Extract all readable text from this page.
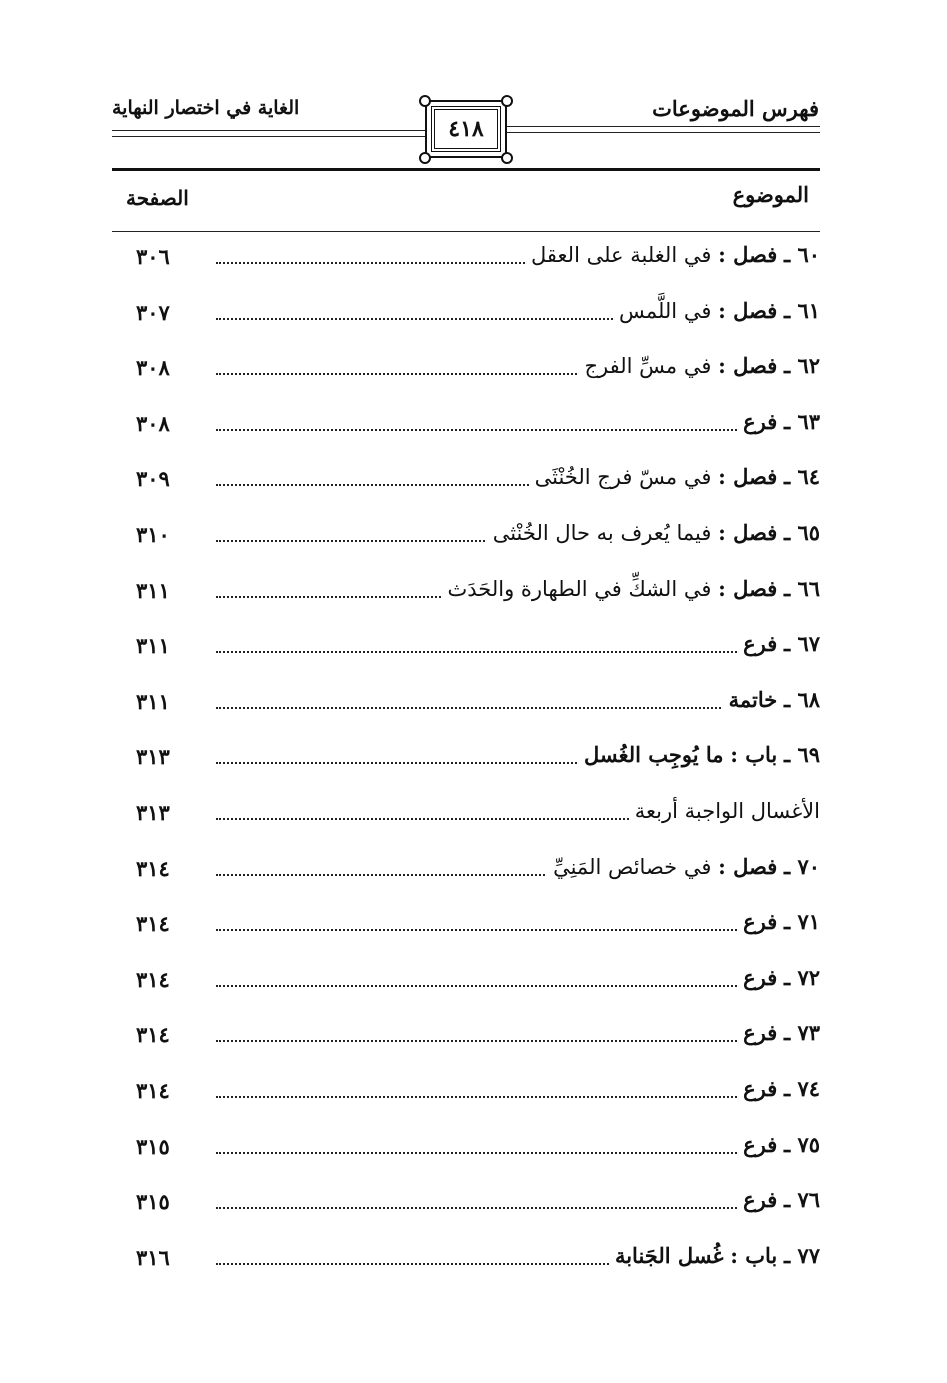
فهرس الموضوعات
الغاية في اختصار النهاية
٤١٨
الموضوع
الصفحة
٦٠ ـ فصل : في الغلبة على العقل
٣٠٦
٦١ ـ فصل : في اللَّمس
٣٠٧
٦٢ ـ فصل : في مسِّ الفرج
٣٠٨
٦٣ ـ فرع
٣٠٨
٦٤ ـ فصل : في مسّ فرج الخُنْثَى
٣٠٩
٦٥ ـ فصل : فيما يُعرف به حال الخُنْثى
٣١٠
٦٦ ـ فصل : في الشكِّ في الطهارة والحَدَث
٣١١
٦٧ ـ فرع
٣١١
٦٨ ـ خاتمة
٣١١
٦٩ ـ باب : ما يُوجِب الغُسل
٣١٣
الأغسال الواجبة أربعة
٣١٣
٧٠ ـ فصل : في خصائص المَنِيِّ
٣١٤
٧١ ـ فرع
٣١٤
٧٢ ـ فرع
٣١٤
٧٣ ـ فرع
٣١٤
٧٤ ـ فرع
٣١٤
٧٥ ـ فرع
٣١٥
٧٦ ـ فرع
٣١٥
٧٧ ـ باب : غُسل الجَنابة
٣١٦
